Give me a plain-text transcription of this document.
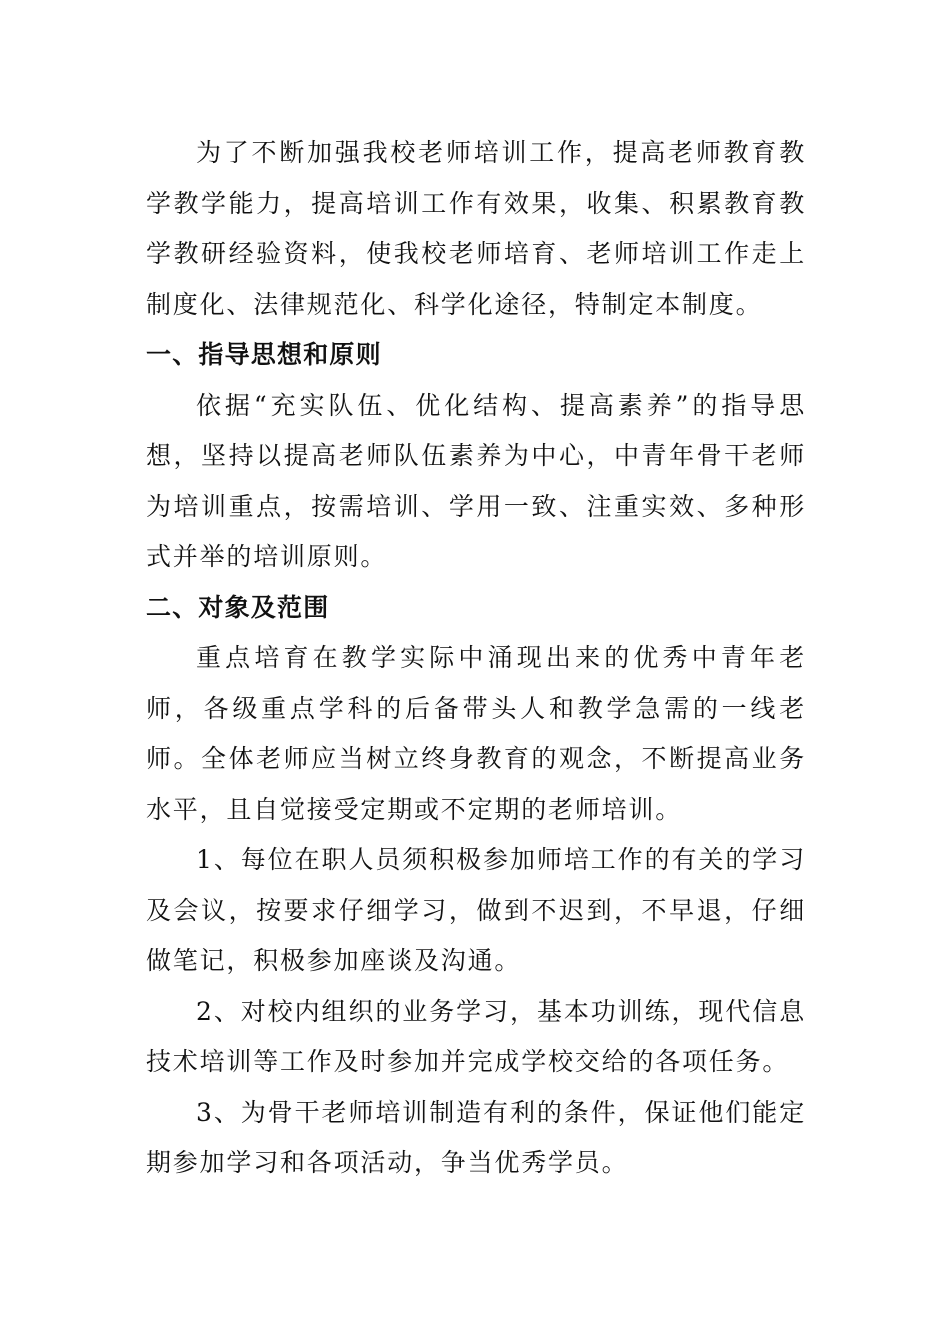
为了不断加强我校老师培训工作，提高老师教育教学教学能力，提高培训工作有效果，收集、积累教育教学教研经验资料，使我校老师培育、老师培训工作走上制度化、法律规范化、科学化途径，特制定本制度。

一、指导思想和原则

依据“充实队伍、优化结构、提高素养”的指导思想，坚持以提高老师队伍素养为中心，中青年骨干老师为培训重点，按需培训、学用一致、注重实效、多种形式并举的培训原则。

二、对象及范围

重点培育在教学实际中涌现出来的优秀中青年老师，各级重点学科的后备带头人和教学急需的一线老师。全体老师应当树立终身教育的观念，不断提高业务水平，且自觉接受定期或不定期的老师培训。

1、每位在职人员须积极参加师培工作的有关的学习及会议，按要求仔细学习，做到不迟到，不早退，仔细做笔记，积极参加座谈及沟通。

2、对校内组织的业务学习，基本功训练，现代信息技术培训等工作及时参加并完成学校交给的各项任务。

3、为骨干老师培训制造有利的条件，保证他们能定期参加学习和各项活动，争当优秀学员。
